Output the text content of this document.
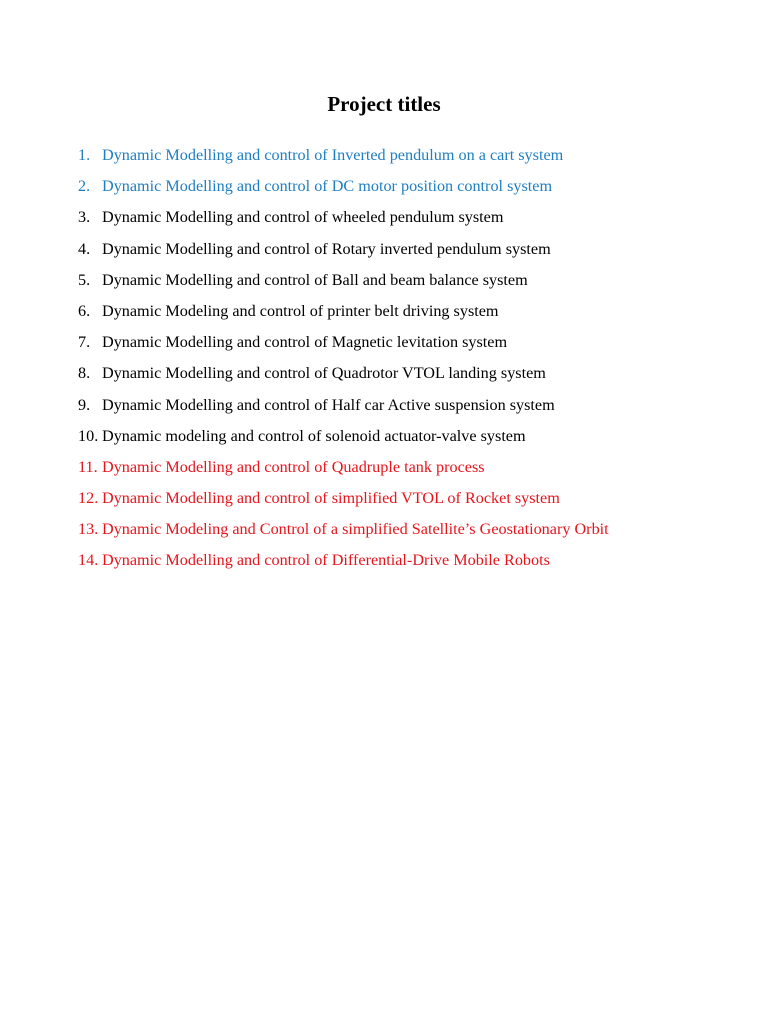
Project titles
1. Dynamic Modelling and control of Inverted pendulum on a cart system
2. Dynamic Modelling and control of DC motor position control system
3. Dynamic Modelling and control of wheeled pendulum system
4. Dynamic Modelling and control of Rotary inverted pendulum system
5. Dynamic Modelling and control of Ball and beam balance system
6. Dynamic Modeling and control of printer belt driving system
7. Dynamic Modelling and control of Magnetic levitation system
8. Dynamic Modelling and control of Quadrotor VTOL landing system
9. Dynamic Modelling and control of Half car Active suspension system
10. Dynamic modeling and control of solenoid actuator-valve system
11. Dynamic Modelling and control of Quadruple tank process
12. Dynamic Modelling and control of simplified VTOL of Rocket system
13. Dynamic Modeling and Control of a simplified Satellite’s Geostationary Orbit
14. Dynamic Modelling and control of Differential-Drive Mobile Robots
